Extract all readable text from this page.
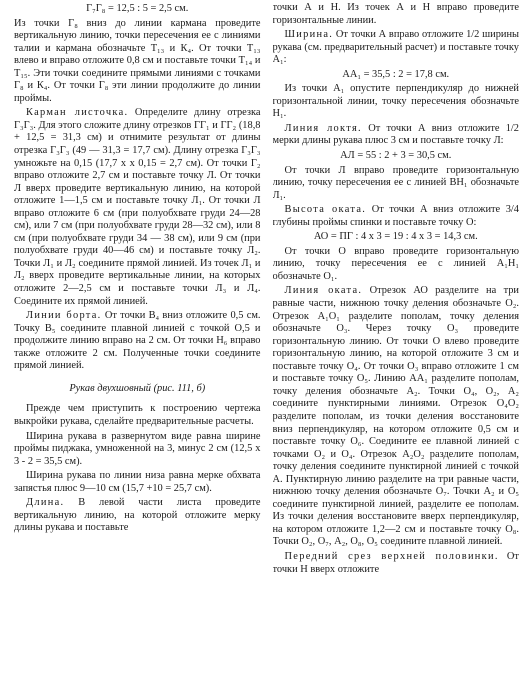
Г₇Г₈ = 12,5 : 5 = 2,5 см.

Из точки Г₈ вниз до линии кармана проведите вертикальную линию, точки пересечения ее с линиями талии и кармана обозначьте Т₁₃ и К₄. От точки Т₁₃ влево и вправо отложите 0,8 см и поставьте точки Т₁₄ и Т₁₅. Эти точки соедините прямыми линиями с точками Г₈ и К₄. От точки Г₈ эти линии продолжите до линии проймы.

Карман листочка. Определите длину отрезка Г₃Г₃. Для этого сложите длину отрезков ГГ₁ и ГГ₂ (18,8 + 12,5 = 31,3 см) и отнимите результат от длины отрезка Г₃Г₃ (49 — 31,3 = 17,7 см). Длину отрезка Г₃Г₃ умножьте на 0,15 (17,7 x x 0,15 = 2,7 см). От точки Г₂ вправо отложите 2,7 см и поставьте точку Л. От точки Л вверх проведите вертикальную линию, на которой отложите 1—1,5 см и поставьте точку Л₁. От точки Л вправо отложите 6 см (при полуобхвате груди 24—28 см), или 7 см (при полуобхвате груди 28—32 см), или 8 см (при полуобхвате груди 34 — 38 см), или 9 см (при полуобхвате груди 40—46 см) и поставьте точку Л₂. Точки Л₁ и Л₂ соедините прямой линией. Из точек Л₁ и Л₂ вверх проведите вертикальные линии, на которых отложите 2—2,5 см и поставьте точки Л₃ и Л₄. Соедините их прямой линией.

Линии борта. От точки В₄ вниз отложите 0,5 см. Точку В₅ соедините плавной линией с точкой О,5 и продолжите линию вправо на 2 см. От точки Н₆ вправо также отложите 2 см. Полученные точки соедините прямой линией.

Рукав двухшовный (рис. 111, б)

Прежде чем приступить к построению чертежа выкройки рукава, сделайте предварительные расчеты.

Ширина рукава в развернутом виде равна ширине проймы пиджака, умноженной на 3, минус 2 см (12,5 х 3 - 2 = 35,5 см).

Ширина рукава по линии низа равна мерке обхвата запястья плюс 9—10 см (15,7 +10 = 25,7 см).

Длина. В левой части листа проведите вертикальную линию, на которой отложите мерку длины рукава и поставьте

точки А и Н. Из точек А и Н вправо проведите горизонтальные линии.

Ширина. От точки А вправо отложите 1/2 ширины рукава (см. предварительный расчет) и поставьте точку А₁:

АА₁ = 35,5 : 2 = 17,8 см.

Из точки А₁ опустите перпендикуляр до нижней горизонтальной линии, точку пересечения обозначьте Н₁.

Линия локтя. От точки А вниз отложите 1/2 мерки длины рукава плюс 3 см и поставьте точку Л:

АЛ = 55 : 2 + 3 = 30,5 см.

От точки Л вправо проведите горизонтальную линию, точку пересечения ее с линией ВН₁ обозначьте Л₁.

Высота оката. От точки А вниз отложите 3/4 глубины проймы спинки и поставьте точку О:

АО = ПГ : 4 х 3 = 19 : 4 х 3 = 14,3 см.

От точки О вправо проведите горизонтальную линию, точку пересечения ее с линией А₁Н₁ обозначьте О₁.

Линия оката. Отрезок АО разделите на три равные части, нижнюю точку деления обозначьте О₂. Отрезок А₁О₁ разделите пополам, точку деления обозначьте О₃. Через точку О₃ проведите горизонтальную линию. От точки О влево проведите горизонтальную линию, на которой отложите 3 см и поставьте точку О₄. От точки О₃ вправо отложите 1 см и поставьте точку О₅. Линию АА₁ разделите пополам, точку деления обозначьте А₂. Точки О₄, О₂, А₂ соедините пунктирными линиями. Отрезок О₄О₂ разделите пополам, из точки деления восстановите вниз перпендикуляр, на котором отложите 0,5 см и поставьте точку О₆. Соедините ее плавной линией с точками О₂ и О₄. Отрезок А₂О₂ разделите пополам, точку деления соедините пунктирной линией с точкой А. Пунктирную линию разделите на три равные части, нижнюю точку деления обозначьте О₇. Точки А₂ и О₅ соедините пунктирной линией, разделите ее пополам. Из точки деления восстановите вверх перпендикуляр, на котором отложите 1,2—2 см и поставьте точку О₈. Точки О₂, О₇, А₂, О₈, О₅ соедините плавной линией.

Передний срез верхней половинки. От точки Н вверх отложите
